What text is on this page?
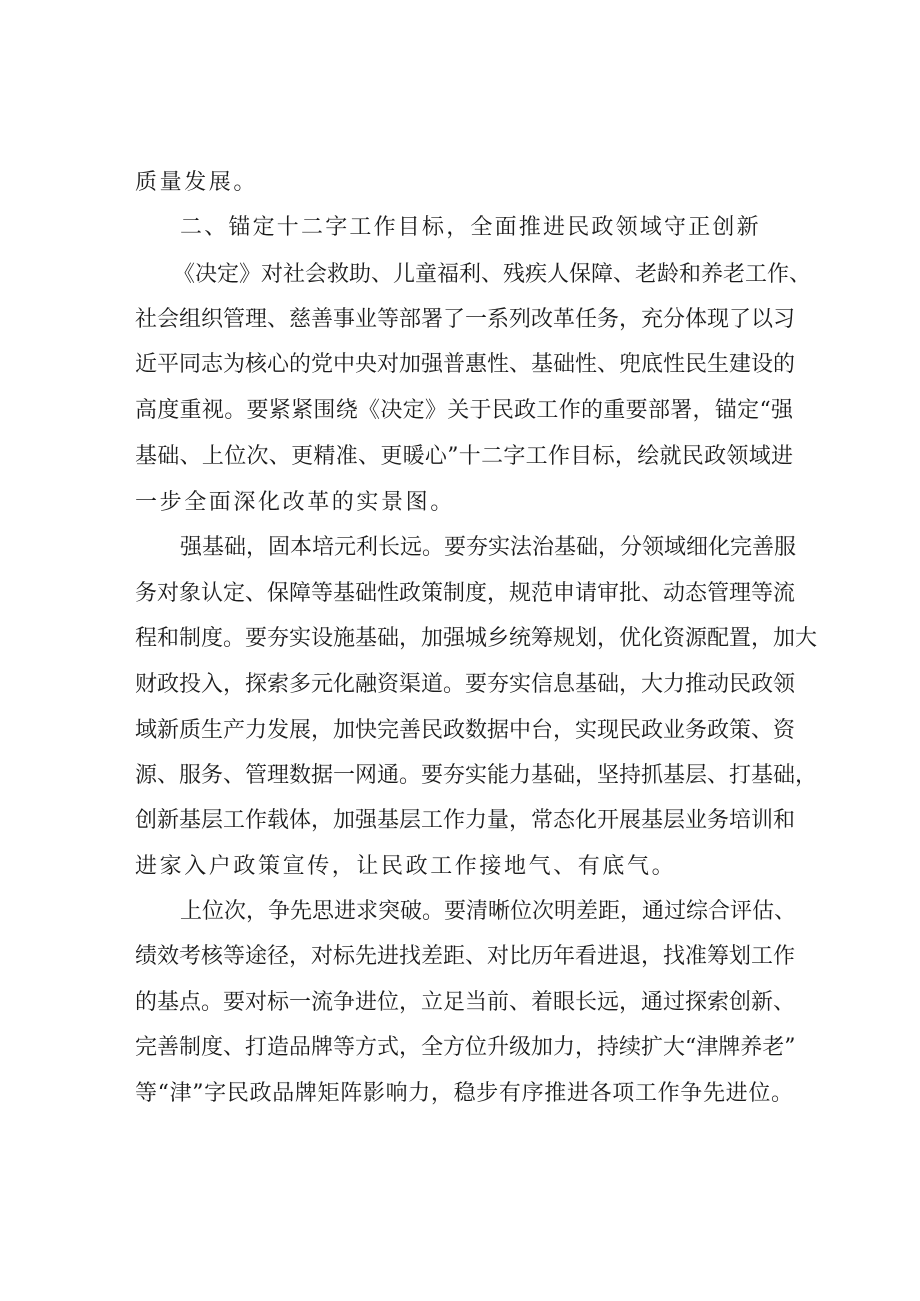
质量发展。
二、锚定十二字工作目标，全面推进民政领域守正创新
《决定》对社会救助、儿童福利、残疾人保障、老龄和养老工作、
社会组织管理、慈善事业等部署了一系列改革任务，充分体现了以习
近平同志为核心的党中央对加强普惠性、基础性、兜底性民生建设的
高度重视。要紧紧围绕《决定》关于民政工作的重要部署，锚定“强
基础、上位次、更精准、更暖心”十二字工作目标，绘就民政领域进
一步全面深化改革的实景图。
强基础，固本培元利长远。要夯实法治基础，分领域细化完善服
务对象认定、保障等基础性政策制度，规范申请审批、动态管理等流
程和制度。要夯实设施基础，加强城乡统筹规划，优化资源配置，加大
财政投入，探索多元化融资渠道。要夯实信息基础，大力推动民政领
域新质生产力发展，加快完善民政数据中台，实现民政业务政策、资
源、服务、管理数据一网通。要夯实能力基础，坚持抓基层、打基础，
创新基层工作载体，加强基层工作力量，常态化开展基层业务培训和
进家入户政策宣传，让民政工作接地气、有底气。
上位次，争先思进求突破。要清晰位次明差距，通过综合评估、
绩效考核等途径，对标先进找差距、对比历年看进退，找准筹划工作
的基点。要对标一流争进位，立足当前、着眼长远，通过探索创新、
完善制度、打造品牌等方式，全方位升级加力，持续扩大“津牌养老”
等“津”字民政品牌矩阵影响力，稳步有序推进各项工作争先进位。
